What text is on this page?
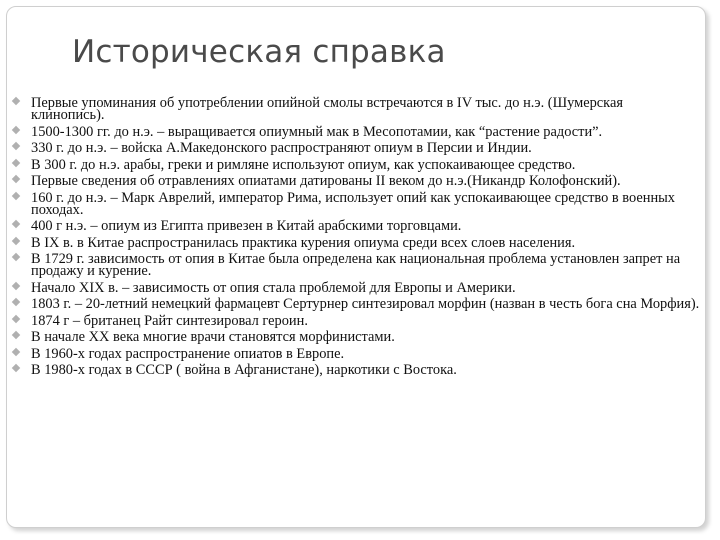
Историческая справка
Первые упоминания об употреблении опийной смолы встречаются в IV тыс. до н.э. (Шумерская клинопись).
1500-1300 гг. до н.э. – выращивается опиумный мак в Месопотамии, как “растение радости”.
330 г. до н.э. – войска А.Македонского распространяют опиум в Персии и Индии.
В 300 г. до н.э. арабы, греки и римляне используют опиум, как успокаивающее средство.
Первые сведения об отравлениях опиатами датированы II веком до н.э.(Никандр Колофонский).
160 г. до н.э. – Марк Аврелий, император Рима, использует опий как успокаивающее средство в военных походах.
400 г н.э. – опиум из Египта привезен в Китай арабскими торговцами.
В IX в. в Китае распространилась практика курения опиума среди всех слоев населения.
В 1729 г. зависимость от опия в Китае была определена как национальная проблема установлен запрет на продажу и курение.
Начало XIX в. – зависимость от опия стала проблемой для Европы и Америки.
1803 г. – 20-летний немецкий фармацевт Сертурнер синтезировал морфин (назван в честь бога сна Морфия).
1874 г – британец Райт синтезировал героин.
В начале XX века многие врачи становятся морфинистами.
В 1960-х годах распространение опиатов в Европе.
В 1980-х годах в СССР ( война в Афганистане), наркотики с Востока.
